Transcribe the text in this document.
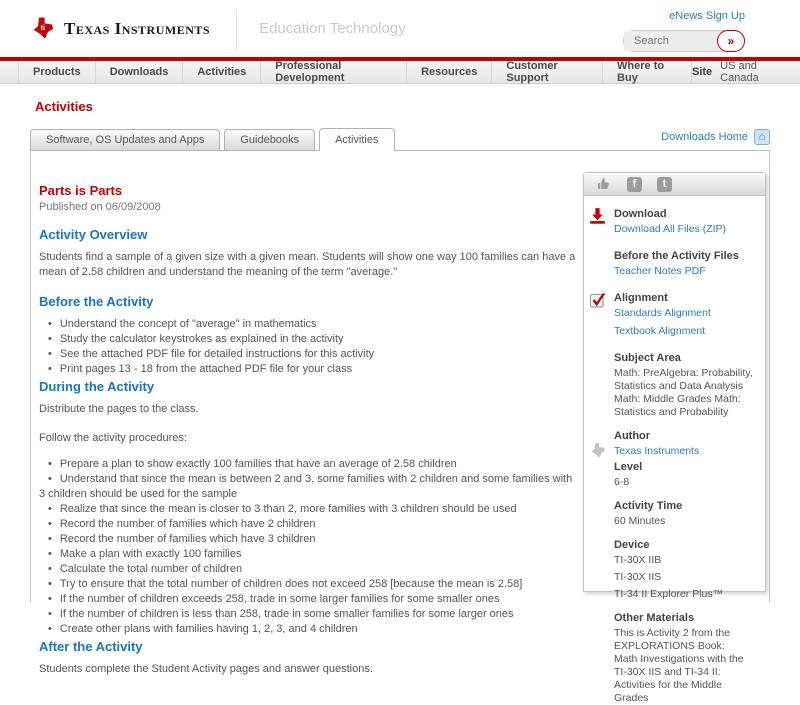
ti Texas Instruments	Education Technology
eNews Sign Up
Search
»
Products	Downloads	Activities	Professional Development	Resources	Customer Support
Where to Buy	Site US and Canada
Activities
Software, OS Updates and Apps	Guidebooks	Activities	Downloads Home ⌂
Parts is Parts
Published on 06/09/2008
Activity Overview

Students find a sample of a given size with a given mean. Students will show one way 100 families can have a mean of 2.58 children and understand the meaning of the term "average."

Before the Activity
• Understand the concept of "average" in mathematics
• Study the calculator keystrokes as explained in the activity
• See the attached PDF file for detailed instructions for this activity
• Print pages 13 - 18 from the attached PDF file for your class
During the Activity

Distribute the pages to the class.

Follow the activity procedures:

• Prepare a plan to show exactly 100 families that have an average of 2.58 children
• Understand that since the mean is between 2 and 3, some families with 2 children and some families with 3 children should be used for the sample
• Realize that since the mean is closer to 3 than 2, more families with 3 children should be used
• Record the number of families which have 2 children
• Record the number of families which have 3 children
• Make a plan with exactly 100 families
• Calculate the total number of children
• Try to ensure that the total number of children does not exceed 258 [because the mean is 2.58]
• If the number of children exceeds 258, trade in some larger families for some smaller ones
• If the number of children is less than 258, trade in some smaller families for some larger ones
• Create other plans with families having 1, 2, 3, and 4 children
After the Activity

Students complete the Student Activity pages and answer questions.

f	t
Download
Download All Files (ZIP)
Before the Activity Files
Teacher Notes PDF
Alignment
Standards Alignment
Textbook Alignment
Subject Area
Math: PreAlgebra: Probability, Statistics and Data Analysis
Math: Middle Grades Math: Statistics and Probability
Author
Texas Instruments
Level
6-8
Activity Time
60 Minutes
Device
TI-30X IIB
TI-30X IIS
TI-34 II Explorer Plus™
Other Materials
This is Activity 2 from the EXPLORATIONS Book:
Math Investigations with the TI-30X IIS and TI-34 II: Activities for the Middle Grades
